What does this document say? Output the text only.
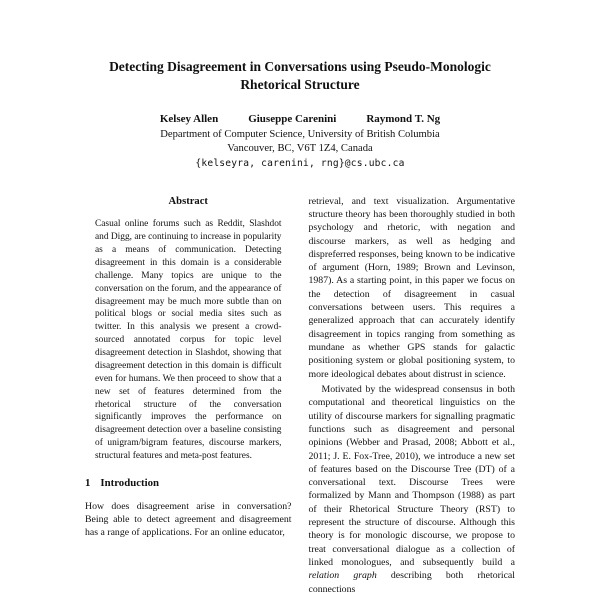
Detecting Disagreement in Conversations using Pseudo-Monologic Rhetorical Structure
Kelsey Allen	Giuseppe Carenini	Raymond T. Ng
Department of Computer Science, University of British Columbia
Vancouver, BC, V6T 1Z4, Canada
{kelseyra, carenini, rng}@cs.ubc.ca
Abstract

Casual online forums such as Reddit, Slashdot and Digg, are continuing to increase in popularity as a means of communication. Detecting disagreement in this domain is a considerable challenge. Many topics are unique to the conversation on the forum, and the appearance of disagreement may be much more subtle than on political blogs or social media sites such as twitter. In this analysis we present a crowd-sourced annotated corpus for topic level disagreement detection in Slashdot, showing that disagreement detection in this domain is difficult even for humans. We then proceed to show that a new set of features determined from the rhetorical structure of the conversation significantly improves the performance on disagreement detection over a baseline consisting of unigram/bigram features, discourse markers, structural features and meta-post features.

1 Introduction

How does disagreement arise in conversation? Being able to detect agreement and disagreement has a range of applications. For an online educator,

retrieval, and text visualization. Argumentative structure theory has been thoroughly studied in both psychology and rhetoric, with negation and discourse markers, as well as hedging and dispreferred responses, being known to be indicative of argument (Horn, 1989; Brown and Levinson, 1987). As a starting point, in this paper we focus on the detection of disagreement in casual conversations between users. This requires a generalized approach that can accurately identify disagreement in topics ranging from something as mundane as whether GPS stands for galactic positioning system or global positioning system, to more ideological debates about distrust in science.

Motivated by the widespread consensus in both computational and theoretical linguistics on the utility of discourse markers for signalling pragmatic functions such as disagreement and personal opinions (Webber and Prasad, 2008; Abbott et al., 2011; J. E. Fox-Tree, 2010), we introduce a new set of features based on the Discourse Tree (DT) of a conversational text. Discourse Trees were formalized by Mann and Thompson (1988) as part of their Rhetorical Structure Theory (RST) to represent the structure of discourse. Although this theory is for monologic discourse, we propose to treat conversational dialogue as a collection of linked monologues, and subsequently build a relation graph describing both rhetorical connections
